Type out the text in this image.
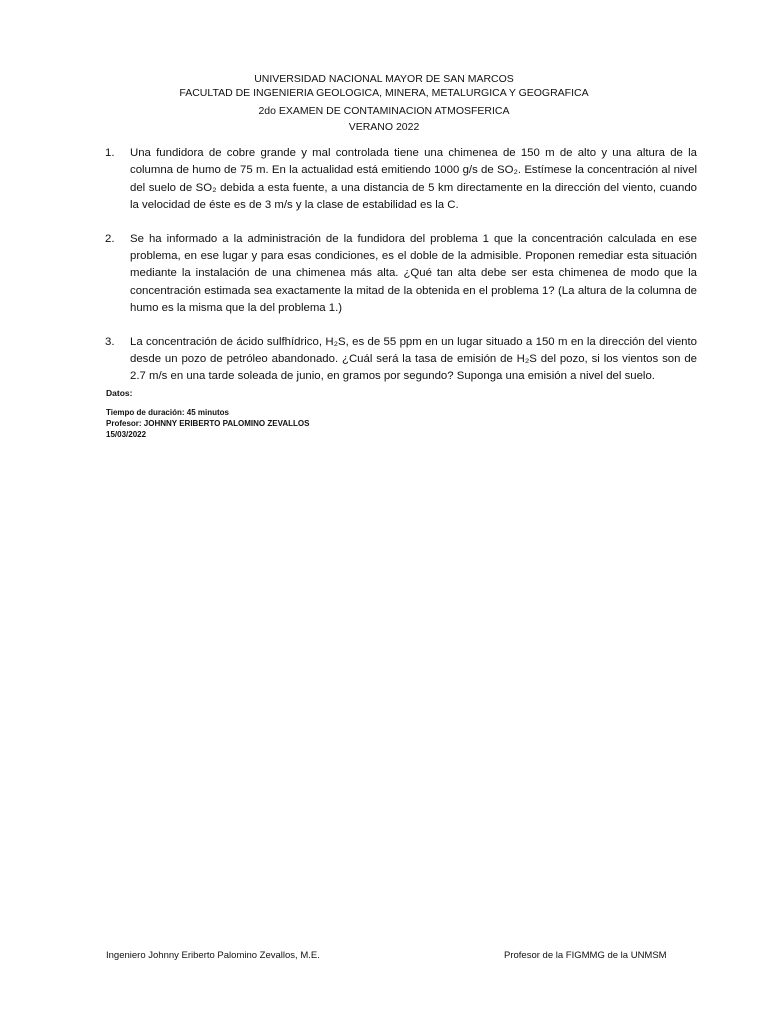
UNIVERSIDAD NACIONAL MAYOR DE SAN MARCOS
FACULTAD DE INGENIERIA GEOLOGICA, MINERA, METALURGICA Y GEOGRAFICA
2do EXAMEN DE CONTAMINACION ATMOSFERICA
VERANO 2022
1.	Una fundidora de cobre grande y mal controlada tiene una chimenea de 150 m de alto y una altura de la columna de humo de 75 m. En la actualidad está emitiendo 1000 g/s de SO₂. Estímese la concentración al nivel del suelo de SO₂ debida a esta fuente, a una distancia de 5 km directamente en la dirección del viento, cuando la velocidad de éste es de 3 m/s y la clase de estabilidad es la C.
2.	Se ha informado a la administración de la fundidora del problema 1 que la concentración calculada en ese problema, en ese lugar y para esas condiciones, es el doble de la admisible. Proponen remediar esta situación mediante la instalación de una chimenea más alta. ¿Qué tan alta debe ser esta chimenea de modo que la concentración estimada sea exactamente la mitad de la obtenida en el problema 1? (La altura de la columna de humo es la misma que la del problema 1.)
3.	La concentración de ácido sulfhídrico, H₂S, es de 55 ppm en un lugar situado a 150 m en la dirección del viento desde un pozo de petróleo abandonado. ¿Cuál será la tasa de emisión de H₂S del pozo, si los vientos son de 2.7 m/s en una tarde soleada de junio, en gramos por segundo? Suponga una emisión a nivel del suelo.
Datos:
Tiempo de duración: 45 minutos
Profesor: JOHNNY ERIBERTO PALOMINO ZEVALLOS
15/03/2022
Ingeniero Johnny Eriberto Palomino Zevallos, M.E.	Profesor de la FIGMMG de la UNMSM
